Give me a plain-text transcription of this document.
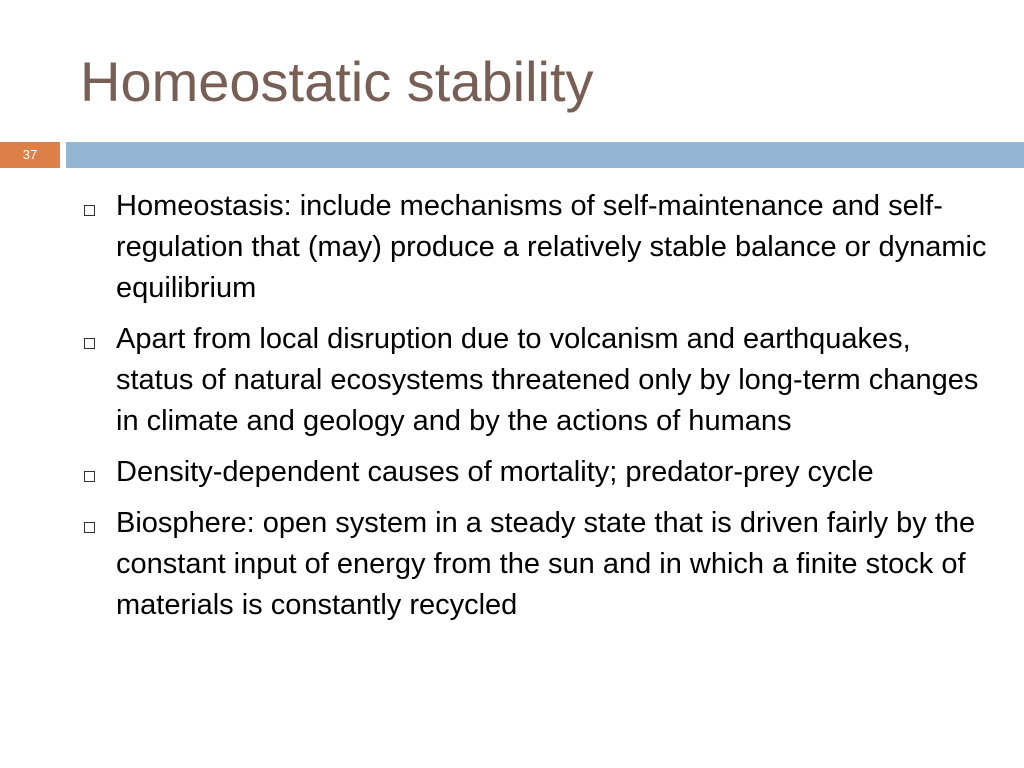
Homeostatic stability
37
Homeostasis: include mechanisms of self-maintenance and self-regulation that (may) produce a relatively stable balance or dynamic equilibrium
Apart from local disruption due to volcanism and earthquakes, status of natural ecosystems threatened only by long-term changes in climate and geology and by the actions of humans
Density-dependent causes of mortality; predator-prey cycle
Biosphere: open system in a steady state that is driven fairly by the constant input of energy from the sun and in which a finite stock of materials is constantly recycled
